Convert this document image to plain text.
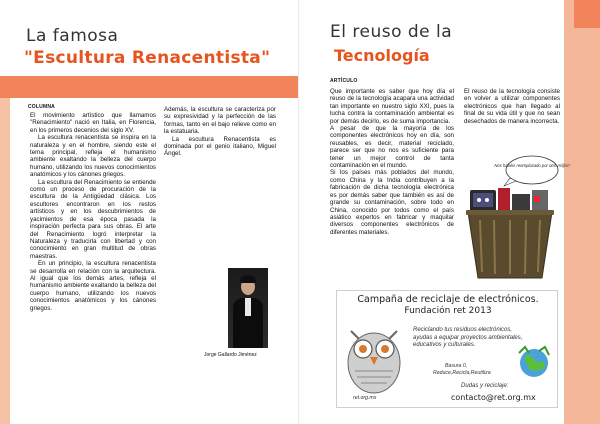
La famosa
"Escultura Renacentista"
COLUMNA

El movimiento artístico que llamamos "Renacimiento" nació en Italia, en Florencia, en los primeros decenios del siglo XV.

La escultura renacentista se inspira en la naturaleza y en el hombre, siendo este el tema principal, refleja el humanismo ambiente exaltando la belleza del cuerpo humano, utilizando los nuevos conocimientos anatómicos y los cánones griegos.

La escultura del Renacimiento se entiende como un proceso de procuración de la escultura de la Antigüedad clásica. Los escultores encontraron en los restos artísticos y en los descubrimientos de yacimientos de esa época pasada la inspiración perfecta para sus obras. El arte del Renacimiento logró interpretar la Naturaleza y traducirla con libertad y con conocimiento en gran multitud de obras maestras.

En un principio, la escultura renacentista se desarrolla en relación con la arquitectura. Al igual que los demás artes, refleja el humanismo ambiente exaltando la belleza del cuerpo humano, utilizando los nuevos conocimientos anatómicos y los cánones griegos.

Además, la escultura se caracteriza por su expresividad y la perfección de las formas, tanto en el bajo relieve como en la estatuaria.

La escultura Renacentista es dominada por el genio italiano, Miguel Ángel.

Jorge Gallardo Jiménez
El reuso de la
Tecnología
ARTÍCULO

Que importante es saber que hoy día el reuso de la tecnología acapara una actividad tan importante en nuestro siglo XXI, pues la lucha contra la contaminación ambiental es por demás decirlo, es de suma importancia.

A pesar de que la mayoría de los componentes electrónicos hoy en día, son reusables, es decir, material reciclado, parece ser que no nos es suficiente para tener un mejor control de tanta contaminación en el mundo.

Si los países más poblados del mundo, como China y la India contribuyen a la fabricación de dicha tecnología electrónica es por demás saber que también es así de grande su contaminación, sobre todo en China, conocido por todos como el país asiático expertos en fabricar y maquilar diversos componentes electrónicos de diferentes materiales.

El reuso de la tecnología consiste en volver a utilizar componentes electrónicos que han llegado al final de su vida útil y que no sean desechados de manera incorrecta.

Nos habéis reemplazado por otro m@s!!
Campaña de reciclaje de electrónicos.
Fundación ret 2013
Reciclando tus residuos electrónicos, ayudas a equipar proyectos ambientales, educativos y culturales.
Basura 0,
Reduce,Recicla,Reutiliza
Dudas y reciclaje:
contacto@ret.org.mx
ret.org.mx
